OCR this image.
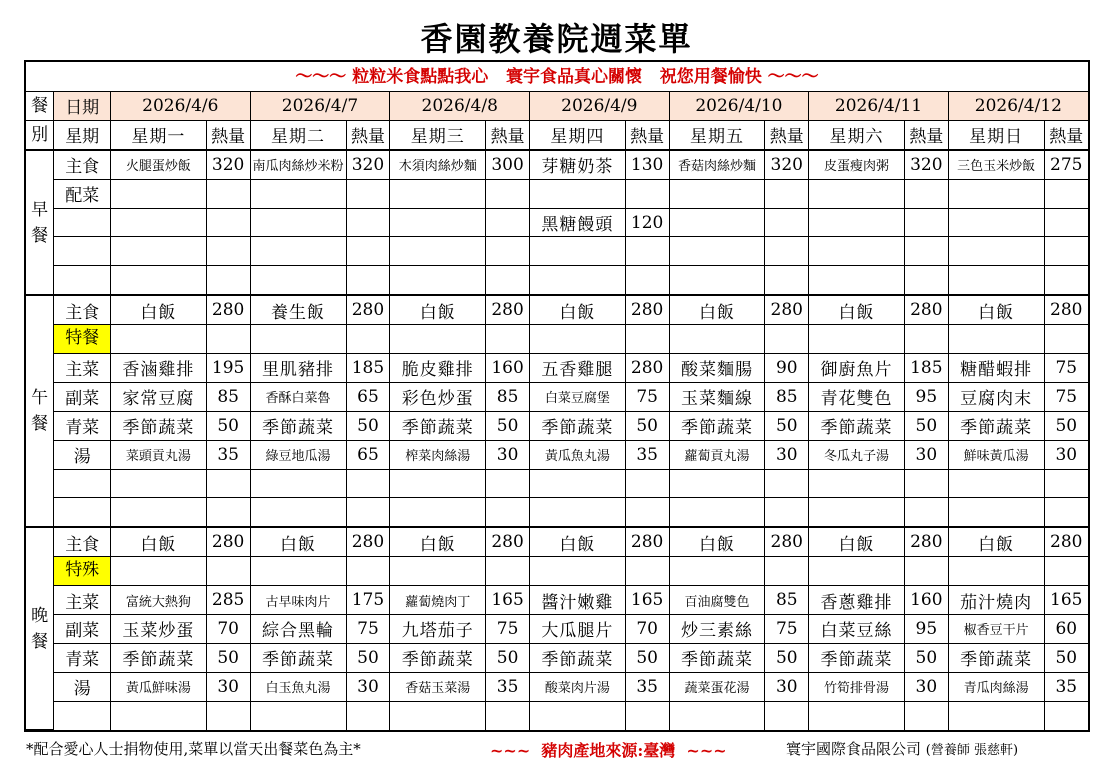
香園教養院週菜單
～～～ 粒粒米食點點我心   寰宇食品真心關懷   祝您用餐愉快 ～～～
餐	日期	2026/4/6		2026/4/7		2026/4/8		2026/4/9		2026/4/10		2026/4/11		2026/4/12	
別	星期	星期一	熱量	星期二	熱量	星期三	熱量	星期四	熱量	星期五	熱量	星期六	熱量	星期日	熱量
早
餐	主食	火腿蛋炒飯	320	南瓜肉絲炒米粉	320	木須肉絲炒麵	300	芽糖奶茶	130	香菇肉絲炒麵	320	皮蛋瘦肉粥	320	三色玉米炒飯	275
	配菜														
								黑糖饅頭	120						

午
餐	主食	白飯	280	養生飯	280	白飯	280	白飯	280	白飯	280	白飯	280	白飯	280

	特餐														

	主菜	香滷雞排	195	里肌豬排	185	脆皮雞排	160	五香雞腿	280	酸菜麵腸	90	御廚魚片	185	糖醋蝦排	75
	副菜	家常豆腐	85	香酥白菜魯	65	彩色炒蛋	85	白菜豆腐堡	75	玉菜麵線	85	青花雙色	95	豆腐肉末	75
	青菜	季節蔬菜	50	季節蔬菜	50	季節蔬菜	50	季節蔬菜	50	季節蔬菜	50	季節蔬菜	50	季節蔬菜	50
	湯	菜頭貢丸湯	35	綠豆地瓜湯	65	榨菜肉絲湯	30	黃瓜魚丸湯	35	蘿蔔貢丸湯	30	冬瓜丸子湯	30	鮮味黃瓜湯	30

晚
餐	主食	白飯	280	白飯	280	白飯	280	白飯	280	白飯	280	白飯	280	白飯	280

	特殊														

	主菜	富統大熱狗	285	古早味肉片	175	蘿蔔燒肉丁	165	醬汁嫩雞	165	百油腐雙色	85	香蔥雞排	160	茄汁燒肉	165
	副菜	玉菜炒蛋	70	綜合黑輪	75	九塔茄子	75	大瓜腿片	70	炒三素絲	75	白菜豆絲	95	椒香豆干片	60
	青菜	季節蔬菜	50	季節蔬菜	50	季節蔬菜	50	季節蔬菜	50	季節蔬菜	50	季節蔬菜	50	季節蔬菜	50
	湯	黃瓜鮮味湯	30	白玉魚丸湯	30	香菇玉菜湯	35	酸菜肉片湯	35	蔬菜蛋花湯	30	竹筍排骨湯	30	青瓜肉絲湯	35

*配合愛心人士捐物使用,菜單以當天出餐菜色為主*	~~~  豬肉產地來源:臺灣  ~~~	寰宇國際食品限公司 (營養師 張慈軒)
